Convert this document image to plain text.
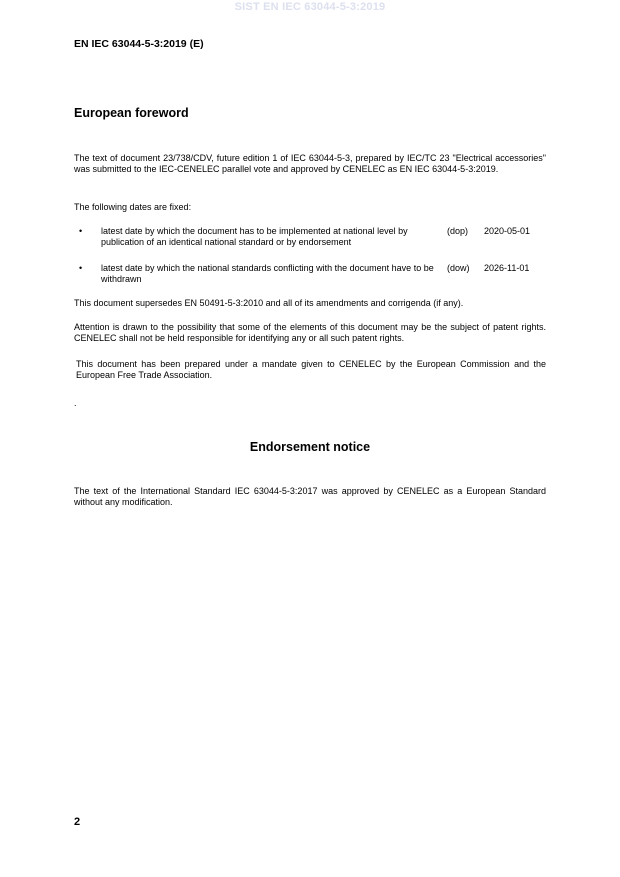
SIST EN IEC 63044-5-3:2019
EN IEC 63044-5-3:2019 (E)
European foreword

The text of document 23/738/CDV, future edition 1 of IEC 63044-5-3, prepared by IEC/TC 23 "Electrical accessories" was submitted to the IEC-CENELEC parallel vote and approved by CENELEC as EN IEC 63044-5-3:2019.

The following dates are fixed:

• latest date by which the document has to be implemented at national level by publication of an identical national standard or by endorsement
(dop) 2020-05-01
• latest date by which the national standards conflicting with the document have to be withdrawn
(dow) 2026-11-01

This document supersedes EN 50491-5-3:2010 and all of its amendments and corrigenda (if any).

Attention is drawn to the possibility that some of the elements of this document may be the subject of patent rights. CENELEC shall not be held responsible for identifying any or all such patent rights.

This document has been prepared under a mandate given to CENELEC by the European Commission and the European Free Trade Association.

.
Endorsement notice

The text of the International Standard IEC 63044-5-3:2017 was approved by CENELEC as a European Standard without any modification.

2
